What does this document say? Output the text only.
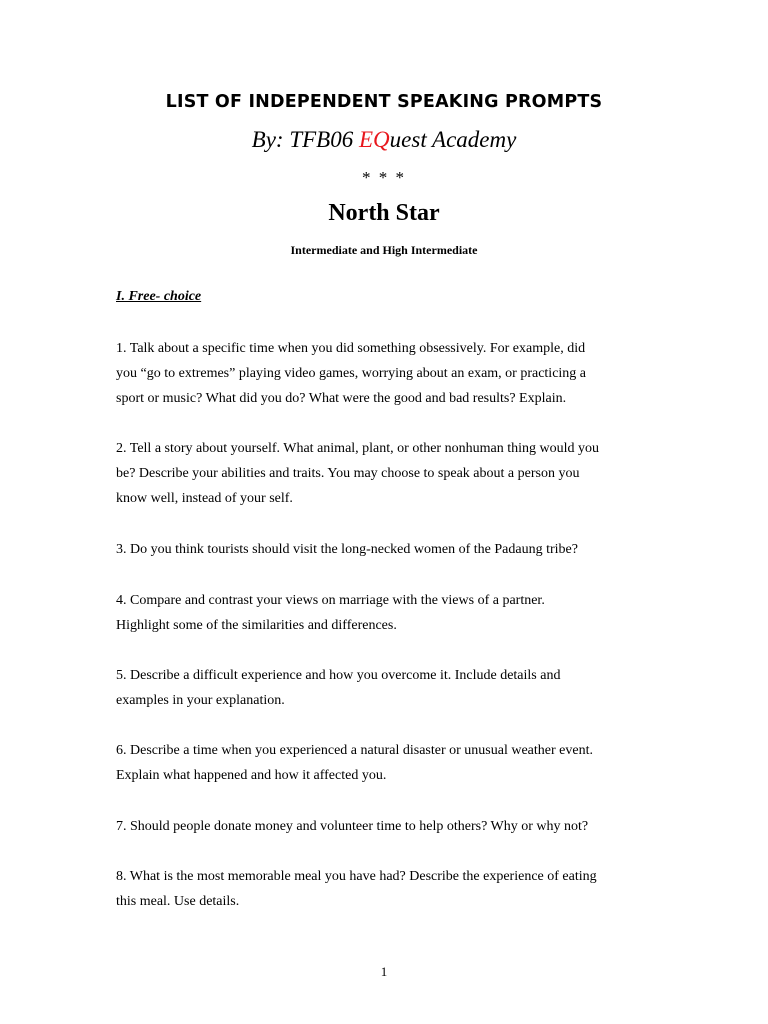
LIST OF INDEPENDENT SPEAKING PROMPTS

By: TFB06 EQuest Academy

* * *

North Star

Intermediate and High Intermediate

I. Free- choice

1. Talk about a specific time when you did something obsessively. For example, did
you “go to extremes” playing video games, worrying about an exam, or practicing a
sport or music? What did you do? What were the good and bad results? Explain.

2. Tell a story about yourself. What animal, plant, or other nonhuman thing would you
be? Describe your abilities and traits. You may choose to speak about a person you
know well, instead of your self.

3. Do you think tourists should visit the long-necked women of the Padaung tribe?

4. Compare and contrast your views on marriage with the views of a partner.
Highlight some of the similarities and differences.

5. Describe a difficult experience and how you overcome it. Include details and
examples in your explanation.

6. Describe a time when you experienced a natural disaster or unusual weather event.
Explain what happened and how it affected you.

7. Should people donate money and volunteer time to help others? Why or why not?

8. What is the most memorable meal you have had? Describe the experience of eating
this meal. Use details.

1
